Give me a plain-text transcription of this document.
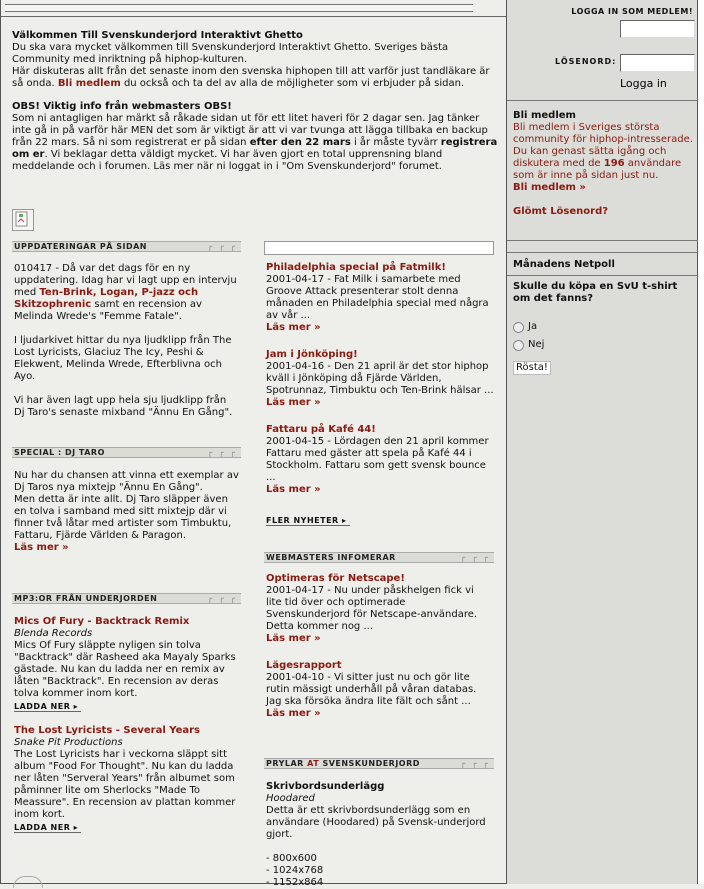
Välkommen Till Svenskunderjord Interaktivt Ghetto
Du ska vara mycket välkommen till Svenskunderjord Interaktivt Ghetto. Sveriges bästa Community med inriktning på hiphop-kulturen.
Här diskuteras allt från det senaste inom den svenska hiphopen till att varför just tandläkare är så onda. Bli medlem du också och ta del av alla de möjligheter som vi erbjuder på sidan.

OBS! Viktig info från webmasters OBS!
Som ni antagligen har märkt så råkade sidan ut för ett litet haveri för 2 dagar sen. Jag tänker inte gå in på varför här MEN det som är viktigt är att vi var tvunga att lägga tillbaka en backup från 22 mars. Så ni som registrerat er på sidan efter den 22 mars i år måste tyvärr registrera om er. Vi beklagar detta väldigt mycket. Vi har även gjort en total upprensning bland meddelande och i forumen. Läs mer när ni loggat in i "Om Svenskunderjord" forumet.

UPPDATERINGAR PÅ SIDAN	┌ ┌ ┌

010417 - Då var det dags för en ny uppdatering. Idag har vi lagt upp en intervju med Ten-Brink, Logan, P-jazz och Skitzophrenic samt en recension av Melinda Wrede's "Femme Fatale".

I ljudarkivet hittar du nya ljudklipp från The Lost Lyricists, Glaciuz The Icy, Peshi & Elekwent, Melinda Wrede, Efterblivna och Ayo.

Vi har även lagt upp hela sju ljudklipp från Dj Taro's senaste mixband "Ännu En Gång".

SPECIAL : DJ TARO	┌ ┌ ┌
Nu har du chansen att vinna ett exemplar av Dj Taros nya mixtejp "Ännu En Gång".
Men detta är inte allt. Dj Taro släpper även en tolva i samband med sitt mixtejp där vi finner två låtar med artister som Timbuktu, Fattaru, Fjärde Världen & Paragon.
Läs mer »
MP3:OR FRÅN UNDERJORDEN	┌ ┌ ┌
Mics Of Fury - Backtrack Remix
Blenda Records
Mics Of Fury släppte nyligen sin tolva "Backtrack" där Rasheed aka Mayaly Sparks gästade. Nu kan du ladda ner en remix av låten "Backtrack". En recension av deras tolva kommer inom kort.
LADDA NER ▸
The Lost Lyricists - Several Years
Snake Pit Productions
The Lost Lyricists har i veckorna släppt sitt album "Food For Thought". Nu kan du ladda ner låten "Serveral Years" från albumet som påminner lite om Sherlocks "Made To Meassure". En recension av plattan kommer inom kort.
LADDA NER ▸
Philadelphia special på Fatmilk!
2001-04-17 - Fat Milk i samarbete med Groove Attack presenterar stolt denna månaden en Philadelphia special med några av vår ...
Läs mer »
Jam i Jönköping!
2001-04-16 - Den 21 april är det stor hiphop kväll i Jönköping då Fjärde Världen, Spotrunnaz, Timbuktu och Ten-Brink hälsar ...
Läs mer »
Fattaru på Kafé 44!
2001-04-15 - Lördagen den 21 april kommer Fattaru med gäster att spela på Kafé 44 i Stockholm. Fattaru som gett svensk bounce ...
Läs mer »
FLER NYHETER ▸
WEBMASTERS INFOMERAR	┌ ┌ ┌
Optimeras för Netscape!
2001-04-17 - Nu under påskhelgen fick vi lite tid över och optimerade Svenskunderjord för Netscape-användare. Detta kommer nog ...
Läs mer »
Lägesrapport
2001-04-10 - Vi sitter just nu och gör lite rutin mässigt underhåll på våran databas. Jag ska försöka ändra lite fält och sånt ...
Läs mer »
PRYLAR AT SVENSKUNDERJORD	┌ ┌ ┌
Skrivbordsunderlägg
Hoodared
Detta är ett skrivbordsunderlägg som en användare (Hoodared) på Svensk-underjord gjort.
- 800x600
- 1024x768
- 1152x864
LOGGA IN SOM MEDLEM!
LÖSENORD:
Logga in
Bli medlem
Bli medlem i Sveriges största community för hiphop-intresserade. Du kan genast sätta igång och diskutera med de 196 användare som är inne på sidan just nu.
Bli medlem »
Glömt Lösenord?
Månadens Netpoll
Skulle du köpa en SvU t-shirt om det fanns?
Ja
Nej
Rösta!
